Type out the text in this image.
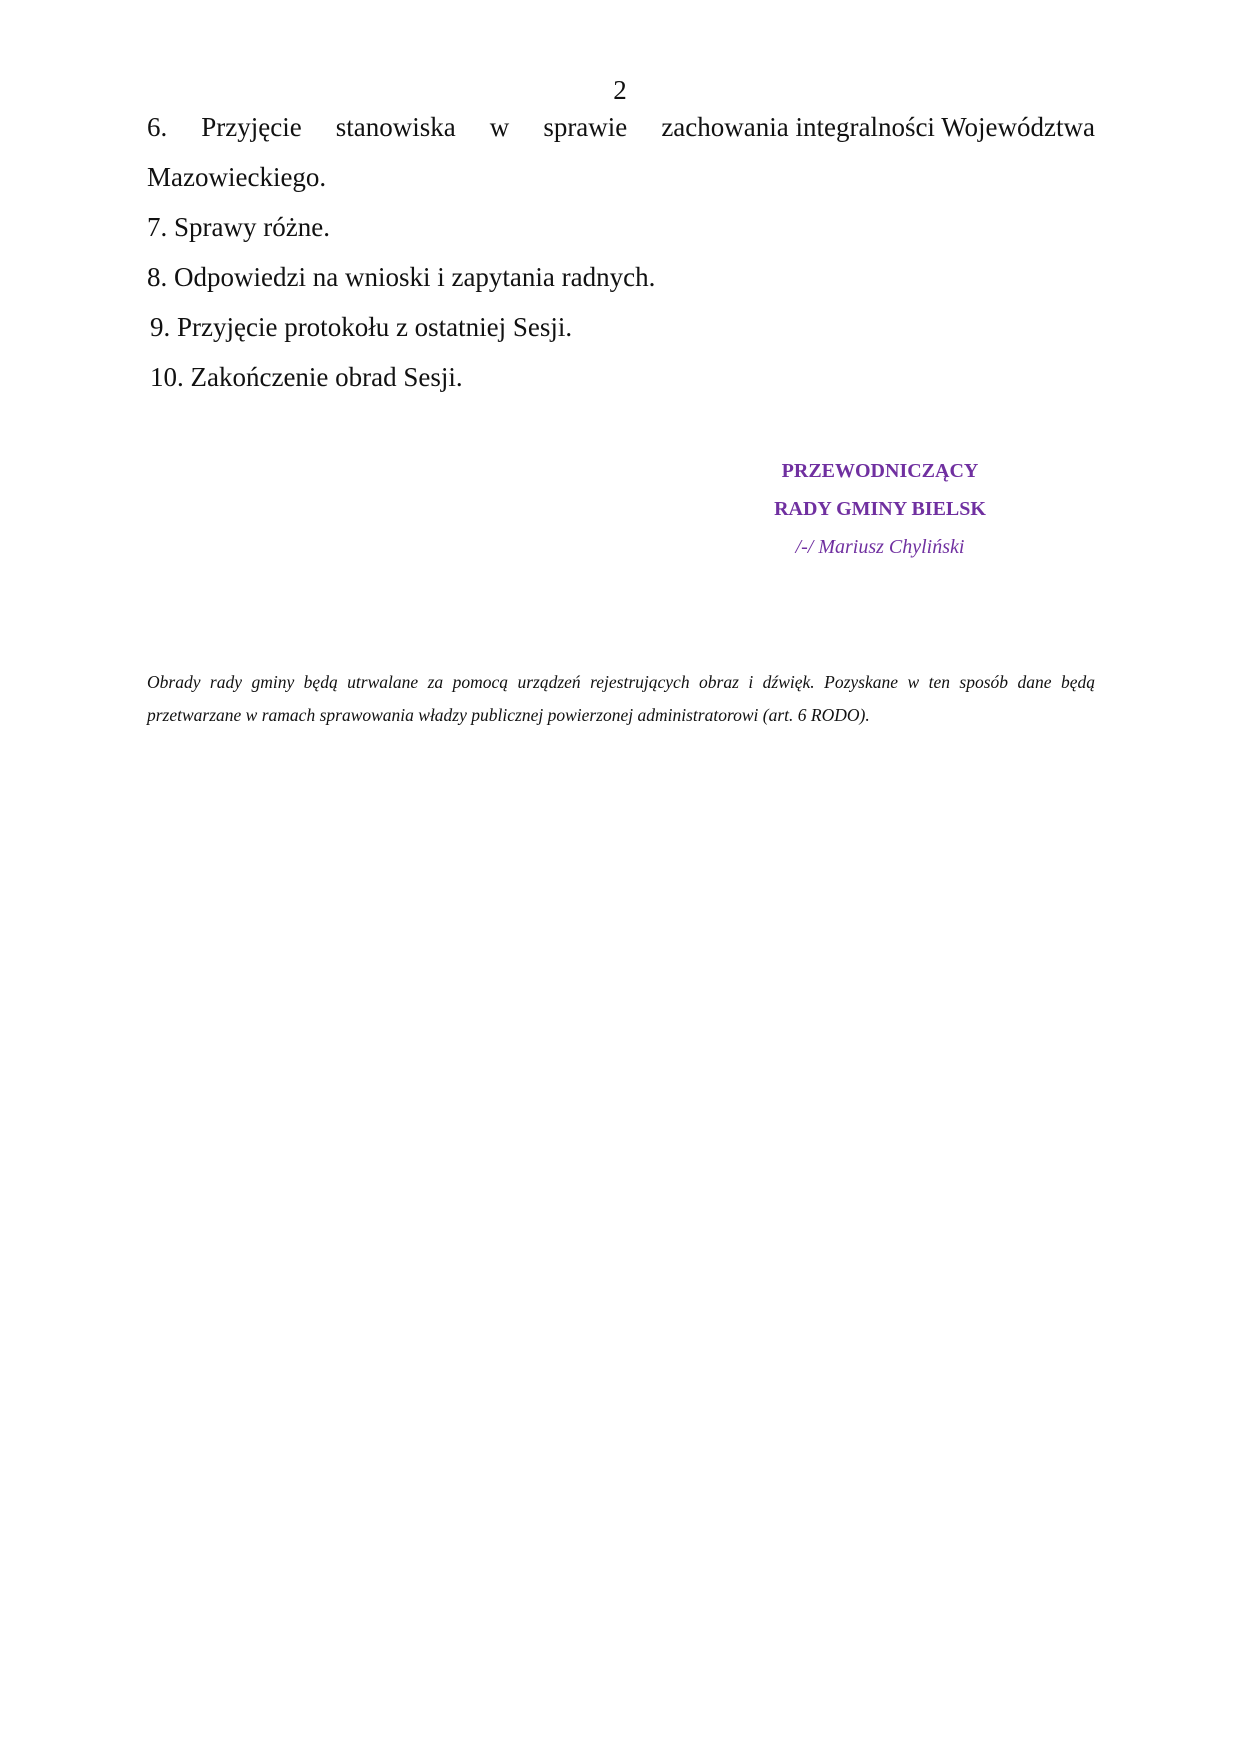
2
6. Przyjęcie stanowiska w sprawie zachowania integralności Województwa
Mazowieckiego.
7. Sprawy różne.
8. Odpowiedzi na wnioski i zapytania radnych.
9. Przyjęcie protokołu z ostatniej Sesji.
10. Zakończenie obrad Sesji.
PRZEWODNICZĄCY
RADY GMINY BIELSK
/-/ Mariusz Chyliński
Obrady rady gminy będą utrwalane za pomocą urządzeń rejestrujących obraz i dźwięk. Pozyskane w ten sposób dane będą przetwarzane w ramach sprawowania władzy publicznej powierzonej administratorowi (art. 6 RODO).
